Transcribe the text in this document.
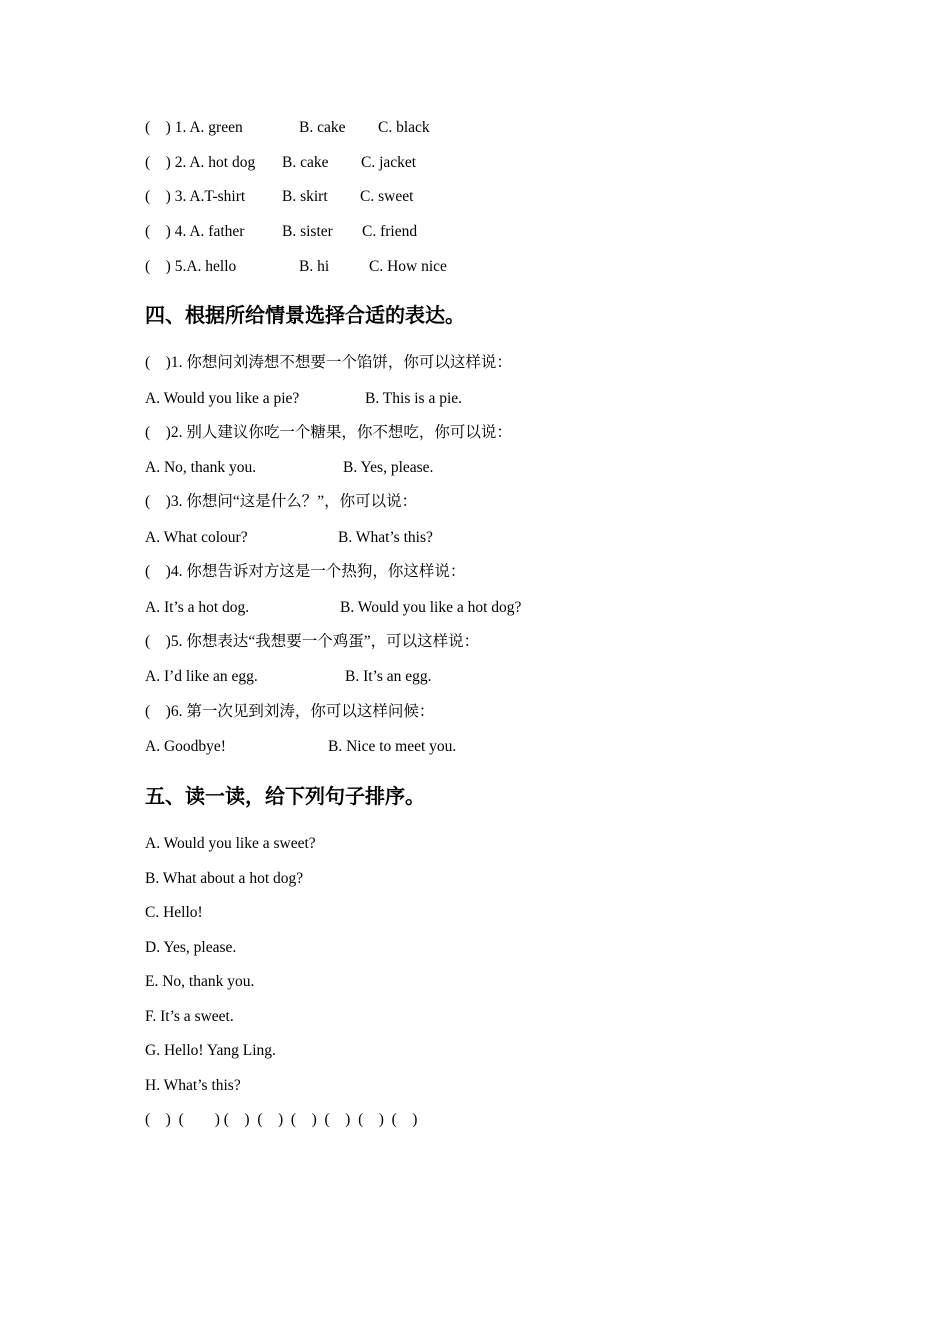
(    ) 1. A. green

	B. cake

C. black

(    ) 2. A. hot dog

B. cake

C. jacket

(    ) 3. A.T-shirt

B. skirt

C. sweet

(    ) 4. A. father

B. sister

C. friend

(    ) 5.A. hello

	B. hi

	C. How nice

四、根据所给情景选择合适的表达。
(    )1. 你想问刘涛想不想要一个馅饼，你可以这样说：

A. Would you like a pie?

	B. This is a pie.

(    )2. 别人建议你吃一个糖果，你不想吃，你可以说：

A. No, thank you.

	B. Yes, please.

(    )3. 你想问“这是什么？”，你可以说：

A. What colour?

	B. What’s this?

(    )4. 你想告诉对方这是一个热狗，你这样说：

A. It’s a hot dog.

	B. Would you like a hot dog?

(    )5. 你想表达“我想要一个鸡蛋”，可以这样说：

A. I’d like an egg.

	B. It’s an egg.

(    )6. 第一次见到刘涛，你可以这样问候：

A. Goodbye!

	B. Nice to meet you.

五、读一读，给下列句子排序。
A. Would you like a sweet?
B. What about a hot dog?
C. Hello!
D. Yes, please.
E. No, thank you.
F. It’s a sweet.
G. Hello! Yang Ling.
H. What’s this?
(    )  (        ) (    )  (    )  (    )  (    )  (    )  (    )
